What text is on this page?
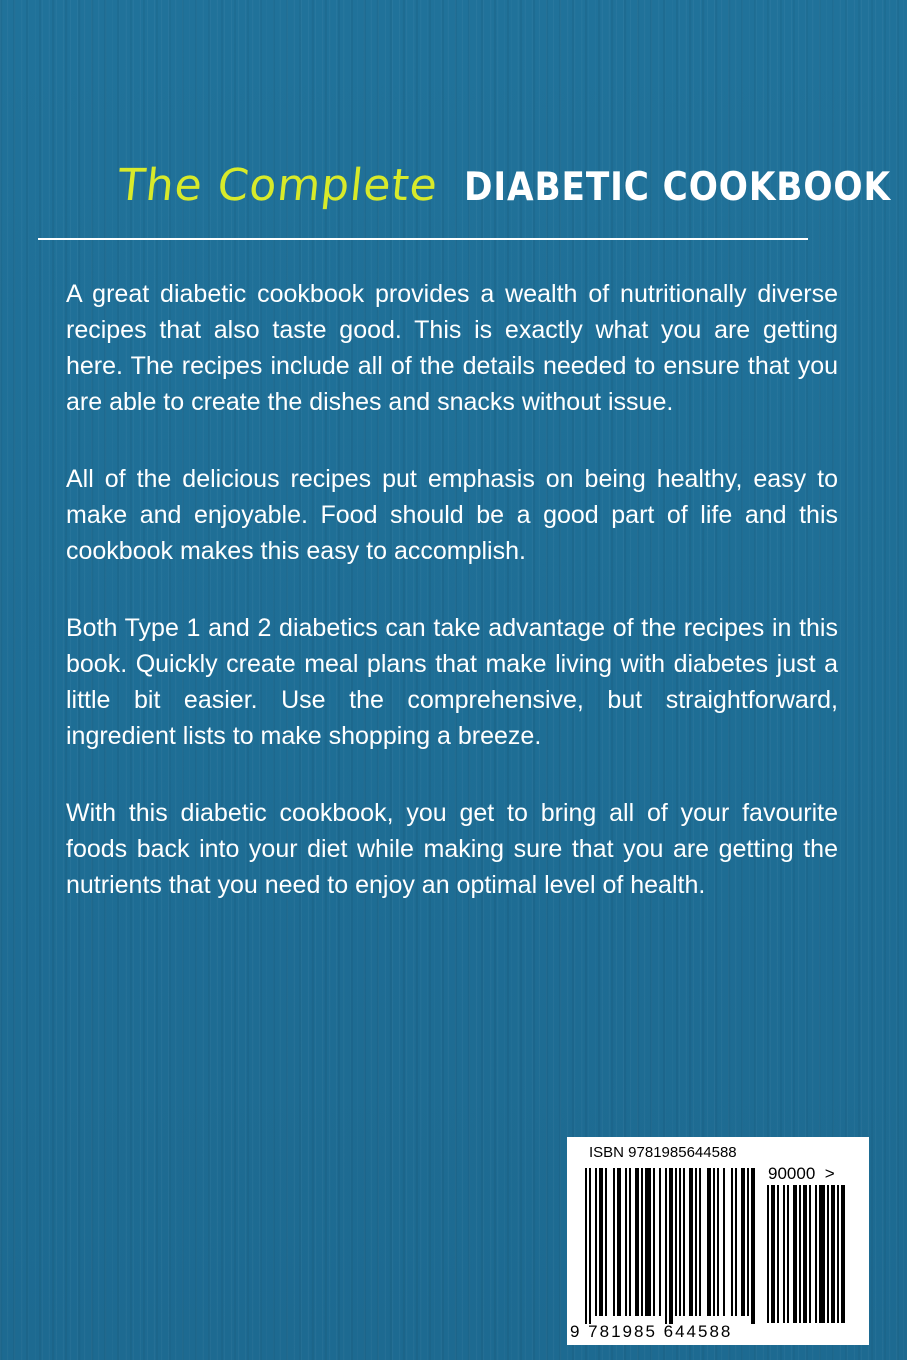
The Complete DIABETIC COOKBOOK

A great diabetic cookbook provides a wealth of nutritionally diverse recipes that also taste good. This is exactly what you are getting here. The recipes include all of the details needed to ensure that you are able to create the dishes and snacks without issue.

All of the delicious recipes put emphasis on being healthy, easy to make and enjoyable. Food should be a good part of life and this cookbook makes this easy to accomplish.

Both Type 1 and 2 diabetics can take advantage of the recipes in this book. Quickly create meal plans that make living with diabetes just a little bit easier. Use the comprehensive, but straightforward, ingredient lists to make shopping a breeze.

With this diabetic cookbook, you get to bring all of your favourite foods back into your diet while making sure that you are getting the nutrients that you need to enjoy an optimal level of health.

ISBN 9781985644588
90000 >
9 781985 644588
